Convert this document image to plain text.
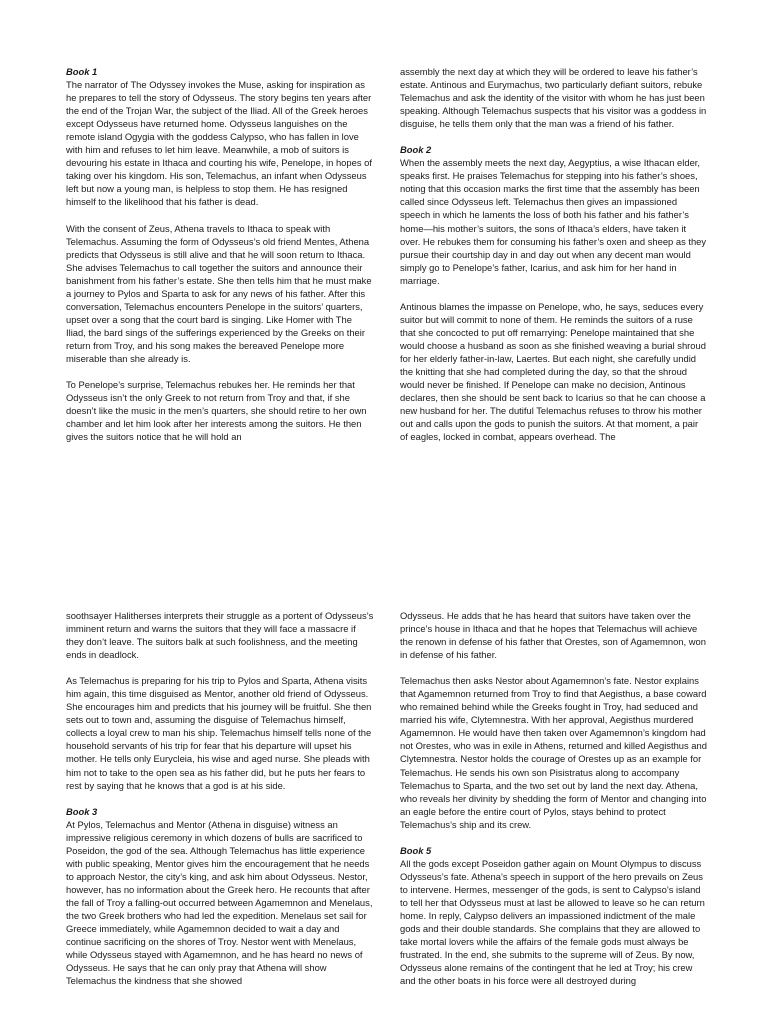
Book 1

The narrator of The Odyssey invokes the Muse, asking for inspiration as he prepares to tell the story of Odysseus. The story begins ten years after the end of the Trojan War, the subject of the Iliad. All of the Greek heroes except Odysseus have returned home. Odysseus languishes on the remote island Ogygia with the goddess Calypso, who has fallen in love with him and refuses to let him leave. Meanwhile, a mob of suitors is devouring his estate in Ithaca and courting his wife, Penelope, in hopes of taking over his kingdom. His son, Telemachus, an infant when Odysseus left but now a young man, is helpless to stop them. He has resigned himself to the likelihood that his father is dead.

With the consent of Zeus, Athena travels to Ithaca to speak with Telemachus. Assuming the form of Odysseus’s old friend Mentes, Athena predicts that Odysseus is still alive and that he will soon return to Ithaca. She advises Telemachus to call together the suitors and announce their banishment from his father’s estate. She then tells him that he must make a journey to Pylos and Sparta to ask for any news of his father. After this conversation, Telemachus encounters Penelope in the suitors’ quarters, upset over a song that the court bard is singing. Like Homer with The Iliad, the bard sings of the sufferings experienced by the Greeks on their return from Troy, and his song makes the bereaved Penelope more miserable than she already is.

To Penelope’s surprise, Telemachus rebukes her. He reminds her that Odysseus isn’t the only Greek to not return from Troy and that, if she doesn’t like the music in the men’s quarters, she should retire to her own chamber and let him look after her interests among the suitors. He then gives the suitors notice that he will hold an

assembly the next day at which they will be ordered to leave his father’s estate. Antinous and Eurymachus, two particularly defiant suitors, rebuke Telemachus and ask the identity of the visitor with whom he has just been speaking. Although Telemachus suspects that his visitor was a goddess in disguise, he tells them only that the man was a friend of his father.

Book 2

When the assembly meets the next day, Aegyptius, a wise Ithacan elder, speaks first. He praises Telemachus for stepping into his father’s shoes, noting that this occasion marks the first time that the assembly has been called since Odysseus left. Telemachus then gives an impassioned speech in which he laments the loss of both his father and his father’s home—his mother’s suitors, the sons of Ithaca’s elders, have taken it over. He rebukes them for consuming his father’s oxen and sheep as they pursue their courtship day in and day out when any decent man would simply go to Penelope’s father, Icarius, and ask him for her hand in marriage.

Antinous blames the impasse on Penelope, who, he says, seduces every suitor but will commit to none of them. He reminds the suitors of a ruse that she concocted to put off remarrying: Penelope maintained that she would choose a husband as soon as she finished weaving a burial shroud for her elderly father-in-law, Laertes. But each night, she carefully undid the knitting that she had completed during the day, so that the shroud would never be finished. If Penelope can make no decision, Antinous declares, then she should be sent back to Icarius so that he can choose a new husband for her. The dutiful Telemachus refuses to throw his mother out and calls upon the gods to punish the suitors. At that moment, a pair of eagles, locked in combat, appears overhead. The

soothsayer Halitherses interprets their struggle as a portent of Odysseus’s imminent return and warns the suitors that they will face a massacre if they don’t leave. The suitors balk at such foolishness, and the meeting ends in deadlock.

As Telemachus is preparing for his trip to Pylos and Sparta, Athena visits him again, this time disguised as Mentor, another old friend of Odysseus. She encourages him and predicts that his journey will be fruitful. She then sets out to town and, assuming the disguise of Telemachus himself, collects a loyal crew to man his ship. Telemachus himself tells none of the household servants of his trip for fear that his departure will upset his mother. He tells only Eurycleia, his wise and aged nurse. She pleads with him not to take to the open sea as his father did, but he puts her fears to rest by saying that he knows that a god is at his side.

Book 3

At Pylos, Telemachus and Mentor (Athena in disguise) witness an impressive religious ceremony in which dozens of bulls are sacrificed to Poseidon, the god of the sea. Although Telemachus has little experience with public speaking, Mentor gives him the encouragement that he needs to approach Nestor, the city’s king, and ask him about Odysseus. Nestor, however, has no information about the Greek hero. He recounts that after the fall of Troy a falling-out occurred between Agamemnon and Menelaus, the two Greek brothers who had led the expedition. Menelaus set sail for Greece immediately, while Agamemnon decided to wait a day and continue sacrificing on the shores of Troy. Nestor went with Menelaus, while Odysseus stayed with Agamemnon, and he has heard no news of Odysseus. He says that he can only pray that Athena will show Telemachus the kindness that she showed

Odysseus. He adds that he has heard that suitors have taken over the prince’s house in Ithaca and that he hopes that Telemachus will achieve the renown in defense of his father that Orestes, son of Agamemnon, won in defense of his father.

Telemachus then asks Nestor about Agamemnon’s fate. Nestor explains that Agamemnon returned from Troy to find that Aegisthus, a base coward who remained behind while the Greeks fought in Troy, had seduced and married his wife, Clytemnestra. With her approval, Aegisthus murdered Agamemnon. He would have then taken over Agamemnon’s kingdom had not Orestes, who was in exile in Athens, returned and killed Aegisthus and Clytemnestra. Nestor holds the courage of Orestes up as an example for Telemachus. He sends his own son Pisistratus along to accompany Telemachus to Sparta, and the two set out by land the next day. Athena, who reveals her divinity by shedding the form of Mentor and changing into an eagle before the entire court of Pylos, stays behind to protect Telemachus’s ship and its crew.

Book 5

All the gods except Poseidon gather again on Mount Olympus to discuss Odysseus’s fate. Athena’s speech in support of the hero prevails on Zeus to intervene. Hermes, messenger of the gods, is sent to Calypso’s island to tell her that Odysseus must at last be allowed to leave so he can return home. In reply, Calypso delivers an impassioned indictment of the male gods and their double standards. She complains that they are allowed to take mortal lovers while the affairs of the female gods must always be frustrated. In the end, she submits to the supreme will of Zeus. By now, Odysseus alone remains of the contingent that he led at Troy; his crew and the other boats in his force were all destroyed during
